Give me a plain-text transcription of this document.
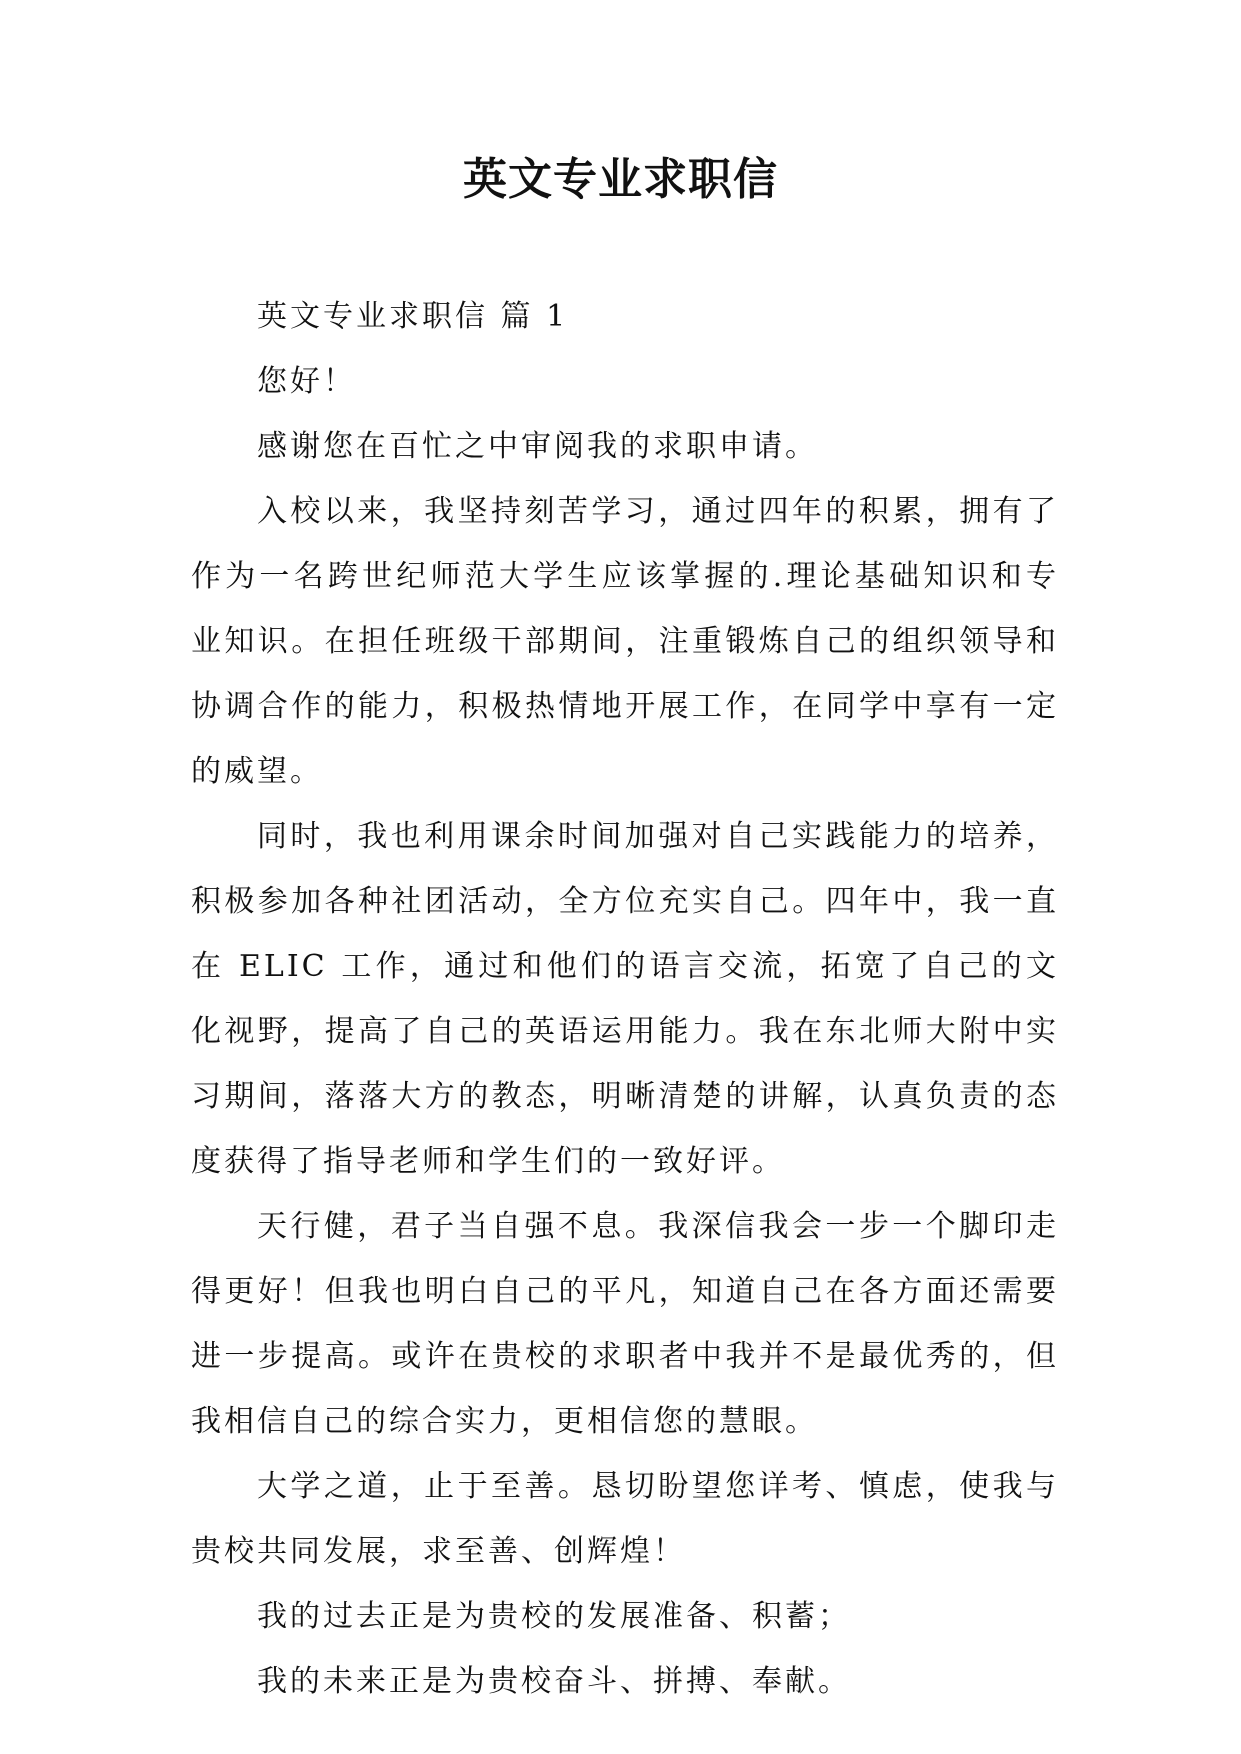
英文专业求职信

英文专业求职信 篇 1

您好！

感谢您在百忙之中审阅我的求职申请。

入校以来，我坚持刻苦学习，通过四年的积累，拥有了作为一名跨世纪师范大学生应该掌握的.理论基础知识和专业知识。在担任班级干部期间，注重锻炼自己的组织领导和协调合作的能力，积极热情地开展工作，在同学中享有一定的威望。

同时，我也利用课余时间加强对自己实践能力的培养，积极参加各种社团活动，全方位充实自己。四年中，我一直在 ELIC 工作，通过和他们的语言交流，拓宽了自己的文化视野，提高了自己的英语运用能力。我在东北师大附中实习期间，落落大方的教态，明晰清楚的讲解，认真负责的态度获得了指导老师和学生们的一致好评。

天行健，君子当自强不息。我深信我会一步一个脚印走得更好！但我也明白自己的平凡，知道自己在各方面还需要进一步提高。或许在贵校的求职者中我并不是最优秀的，但我相信自己的综合实力，更相信您的慧眼。

大学之道，止于至善。恳切盼望您详考、慎虑，使我与贵校共同发展，求至善、创辉煌！

我的过去正是为贵校的发展准备、积蓄；

我的未来正是为贵校奋斗、拼搏、奉献。
